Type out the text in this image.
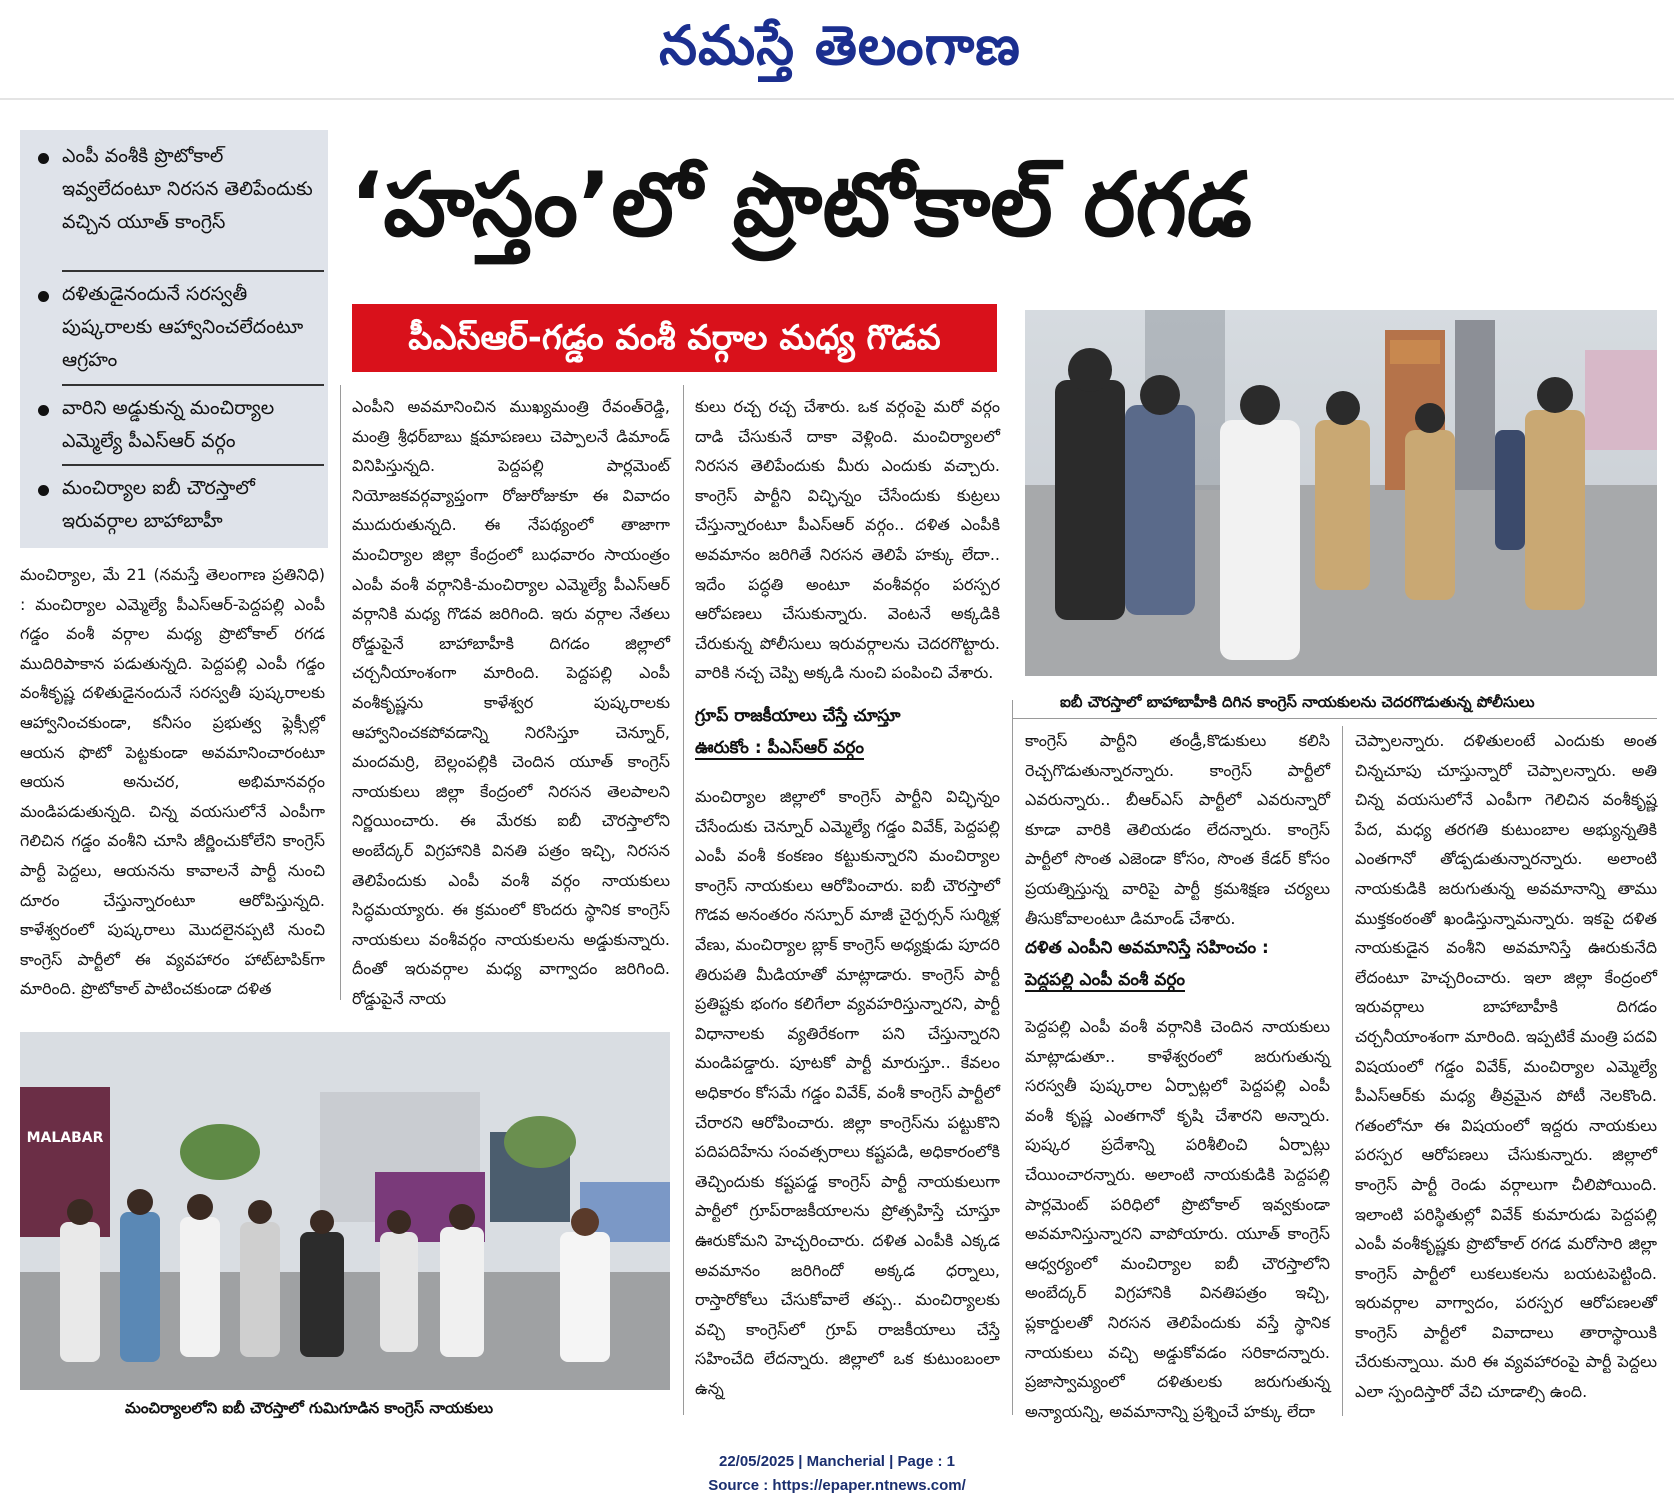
నమస్తే తెలంగాణ
ఎంపీ వంశీకి ప్రొటోకాల్ ఇవ్వలేదంటూ నిరసన తెలిపేందుకు వచ్చిన యూత్ కాంగ్రెస్
దళితుడైనందునే సరస్వతీ పుష్కరాలకు ఆహ్వానించలేదంటూ ఆగ్రహం
వారిని అడ్డుకున్న మంచిర్యాల ఎమ్మెల్యే పీఎస్ఆర్ వర్గం
మంచిర్యాల ఐబీ చౌరస్తాలో ఇరువర్గాల బాహాబాహీ
‘హస్తం’లో ప్రొటోకాల్ రగడ
పీఎస్ఆర్-గడ్డం వంశీ వర్గాల మధ్య గొడవ
మంచిర్యాల, మే 21 (నమస్తే తెలంగాణ ప్రతినిధి) : మంచిర్యాల ఎమ్మెల్యే పీఎస్ఆర్-పెద్దపల్లి ఎంపీ గడ్డం వంశీ వర్గాల మధ్య ప్రొటోకాల్ రగడ ముదిరిపాకాన పడుతున్నది. పెద్దపల్లి ఎంపీ గడ్డం వంశీకృష్ణ దళితుడైనందునే సరస్వతీ పుష్కరాలకు ఆహ్వానించకుండా, కనీసం ప్రభుత్వ ఫ్లెక్సీల్లో ఆయన ఫొటో పెట్టకుండా అవమానించారంటూ ఆయన అనుచర, అభిమానవర్గం మండిపడుతున్నది. చిన్న వయసులోనే ఎంపీగా గెలిచిన గడ్డం వంశీని చూసి జీర్ణించుకోలేని కాంగ్రెస్ పార్టీ పెద్దలు, ఆయనను కావాలనే పార్టీ నుంచి దూరం చేస్తున్నారంటూ ఆరోపిస్తున్నది. కాళేశ్వరంలో పుష్కరాలు మొదలైనప్పటి నుంచి కాంగ్రెస్ పార్టీలో ఈ వ్యవహారం హాట్‌టాపిక్‌గా మారింది. ప్రొటోకాల్ పాటించకుండా దళిత
ఎంపీని అవమానించిన ముఖ్యమంత్రి రేవంత్‌రెడ్డి, మంత్రి శ్రీధర్‌బాబు క్షమాపణలు చెప్పాలనే డిమాండ్ వినిపిస్తున్నది. పెద్దపల్లి పార్లమెంట్ నియోజకవర్గవ్యాప్తంగా రోజురోజుకూ ఈ వివాదం ముదురుతున్నది. ఈ నేపథ్యంలో తాజాగా మంచిర్యాల జిల్లా కేంద్రంలో బుధవారం సాయంత్రం ఎంపీ వంశీ వర్గానికి-మంచిర్యాల ఎమ్మెల్యే పీఎస్ఆర్ వర్గానికి మధ్య గొడవ జరిగింది. ఇరు వర్గాల నేతలు రోడ్డుపైనే బాహాబాహీకి దిగడం జిల్లాలో చర్చనీయాంశంగా మారింది. పెద్దపల్లి ఎంపీ వంశీకృష్ణను కాళేశ్వర పుష్కరాలకు ఆహ్వానించకపోవడాన్ని నిరసిస్తూ చెన్నూర్, మందమర్రి, బెల్లంపల్లికి చెందిన యూత్ కాంగ్రెస్ నాయకులు జిల్లా కేంద్రంలో నిరసన తెలపాలని నిర్ణయించారు. ఈ మేరకు ఐబీ చౌరస్తాలోని అంబేద్కర్ విగ్రహానికి వినతి పత్రం ఇచ్చి, నిరసన తెలిపేందుకు ఎంపీ వంశీ వర్గం నాయకులు సిద్ధమయ్యారు. ఈ క్రమంలో కొందరు స్థానిక కాంగ్రెస్ నాయకులు వంశీవర్గం నాయకులను అడ్డుకున్నారు. దీంతో ఇరువర్గాల మధ్య వాగ్వాదం జరిగింది. రోడ్డుపైనే నాయ
కులు రచ్చ రచ్చ చేశారు. ఒక వర్గంపై మరో వర్గం దాడి చేసుకునే దాకా వెళ్లింది. మంచిర్యాలలో నిరసన తెలిపేందుకు మీరు ఎందుకు వచ్చారు. కాంగ్రెస్ పార్టీని విచ్ఛిన్నం చేసేందుకు కుట్రలు చేస్తున్నారంటూ పీఎస్ఆర్ వర్గం.. దళిత ఎంపీకి అవమానం జరిగితే నిరసన తెలిపే హక్కు లేదా.. ఇదేం పద్ధతి అంటూ వంశీవర్గం పరస్పర ఆరోపణలు చేసుకున్నారు. వెంటనే అక్కడికి చేరుకున్న పోలీసులు ఇరువర్గాలను చెదరగొట్టారు. వారికి నచ్చ చెప్పి అక్కడి నుంచి పంపించి వేశారు.
గ్రూప్ రాజకీయాలు చేస్తే చూస్తూ
ఊరుకోం : పీఎస్ఆర్ వర్గం
మంచిర్యాల జిల్లాలో కాంగ్రెస్ పార్టీని విచ్ఛిన్నం చేసేందుకు చెన్నూర్ ఎమ్మెల్యే గడ్డం వివేక్, పెద్దపల్లి ఎంపీ వంశీ కంకణం కట్టుకున్నారని మంచిర్యాల కాంగ్రెస్ నాయకులు ఆరోపించారు. ఐబీ చౌరస్తాలో గొడవ అనంతరం నస్పూర్ మాజీ చైర్పర్సన్ సుర్మిళ్ల వేణు, మంచిర్యాల బ్లాక్ కాంగ్రెస్ అధ్యక్షుడు పూదరి తిరుపతి మీడియాతో మాట్లాడారు. కాంగ్రెస్ పార్టీ ప్రతిష్టకు భంగం కలిగేలా వ్యవహరిస్తున్నారని, పార్టీ విధానాలకు వ్యతిరేకంగా పని చేస్తున్నారని మండిపడ్డారు. పూటకో పార్టీ మారుస్తూ.. కేవలం అధికారం కోసమే గడ్డం వివేక్, వంశీ కాంగ్రెస్ పార్టీలో చేరారని ఆరోపించారు. జిల్లా కాంగ్రెస్‌ను పట్టుకొని పదిపదిహేను సంవత్సరాలు కష్టపడి, అధికారంలోకి తెచ్చిందుకు కష్టపడ్డ కాంగ్రెస్ పార్టీ నాయకులుగా పార్టీలో గ్రూప్‌రాజకీయాలను ప్రోత్సహిస్తే చూస్తూ ఊరుకోమని హెచ్చరించారు. దళిత ఎంపీకి ఎక్కడ అవమానం జరిగిందో అక్కడ ధర్నాలు, రాస్తారోకోలు చేసుకోవాలే తప్ప.. మంచిర్యాలకు వచ్చి కాంగ్రెస్‌లో గ్రూప్ రాజకీయాలు చేస్తే సహించేది లేదన్నారు. జిల్లాలో ఒక కుటుంబంలా ఉన్న
ఐబీ చౌరస్తాలో బాహాబాహీకి దిగిన కాంగ్రెస్ నాయకులను చెదరగొడుతున్న పోలీసులు
కాంగ్రెస్ పార్టీని తండ్రీ,కొడుకులు కలిసి రెచ్చగొడుతున్నారన్నారు. కాంగ్రెస్ పార్టీలో ఎవరున్నారు.. బీఆర్ఎస్ పార్టీలో ఎవరున్నారో కూడా వారికి తెలియడం లేదన్నారు. కాంగ్రెస్ పార్టీలో సొంత ఎజెండా కోసం, సొంత కేడర్ కోసం ప్రయత్నిస్తున్న వారిపై పార్టీ క్రమశిక్షణ చర్యలు తీసుకోవాలంటూ డిమాండ్ చేశారు.
దళిత ఎంపీని అవమానిస్తే సహించం :
పెద్దపల్లి ఎంపీ వంశీ వర్గం
పెద్దపల్లి ఎంపీ వంశీ వర్గానికి చెందిన నాయకులు మాట్లాడుతూ.. కాళేశ్వరంలో జరుగుతున్న సరస్వతీ పుష్కరాల ఏర్పాట్లలో పెద్దపల్లి ఎంపీ వంశీ కృష్ణ ఎంతగానో కృషి చేశారని అన్నారు. పుష్కర ప్రదేశాన్ని పరిశీలించి ఏర్పాట్లు చేయించారన్నారు. అలాంటి నాయకుడికి పెద్దపల్లి పార్లమెంట్ పరిధిలో ప్రొటోకాల్ ఇవ్వకుండా అవమానిస్తున్నారని వాపోయారు. యూత్ కాంగ్రెస్ ఆధ్వర్యంలో మంచిర్యాల ఐబీ చౌరస్తాలోని అంబేద్కర్ విగ్రహానికి వినతిపత్రం ఇచ్చి, ప్లకార్డులతో నిరసన తెలిపేందుకు వస్తే స్థానిక నాయకులు వచ్చి అడ్డుకోవడం సరికాదన్నారు. ప్రజాస్వామ్యంలో దళితులకు జరుగుతున్న అన్యాయన్ని, అవమానాన్ని ప్రశ్నించే హక్కు లేదా
చెప్పాలన్నారు. దళితులంటే ఎందుకు అంత చిన్నచూపు చూస్తున్నారో చెప్పాలన్నారు. అతి చిన్న వయసులోనే ఎంపీగా గెలిచిన వంశీకృష్ణ పేద, మధ్య తరగతి కుటుంబాల అభ్యున్నతికి ఎంతగానో తోడ్పడుతున్నారన్నారు. అలాంటి నాయకుడికి జరుగుతున్న అవమానాన్ని తాము ముక్తకంఠంతో ఖండిస్తున్నామన్నారు. ఇకపై దళిత నాయకుడైన వంశీని అవమానిస్తే ఊరుకునేది లేదంటూ హెచ్చరించారు. ఇలా జిల్లా కేంద్రంలో ఇరువర్గాలు బాహాబాహీకి దిగడం చర్చనీయాంశంగా మారింది. ఇప్పటికే మంత్రి పదవి విషయంలో గడ్డం వివేక్, మంచిర్యాల ఎమ్మెల్యే పీఎస్ఆర్‌కు మధ్య తీవ్రమైన పోటీ నెలకొంది. గతంలోనూ ఈ విషయంలో ఇద్దరు నాయకులు పరస్పర ఆరోపణలు చేసుకున్నారు. జిల్లాలో కాంగ్రెస్ పార్టీ రెండు వర్గాలుగా చీలిపోయింది. ఇలాంటి పరిస్థితుల్లో వివేక్ కుమారుడు పెద్దపల్లి ఎంపీ వంశీకృష్ణకు ప్రొటోకాల్ రగడ మరోసారి జిల్లా కాంగ్రెస్ పార్టీలో లుకలుకలను బయటపెట్టింది. ఇరువర్గాల వాగ్వాదం, పరస్పర ఆరోపణలతో కాంగ్రెస్ పార్టీలో వివాదాలు తారాస్థాయికి చేరుకున్నాయి. మరి ఈ వ్యవహారంపై పార్టీ పెద్దలు ఎలా స్పందిస్తారో వేచి చూడాల్సి ఉంది.
MALABAR
మంచిర్యాలలోని ఐబీ చౌరస్తాలో గుమిగూడిన కాంగ్రెస్ నాయకులు
22/05/2025 | Mancherial | Page : 1
Source : https://epaper.ntnews.com/
